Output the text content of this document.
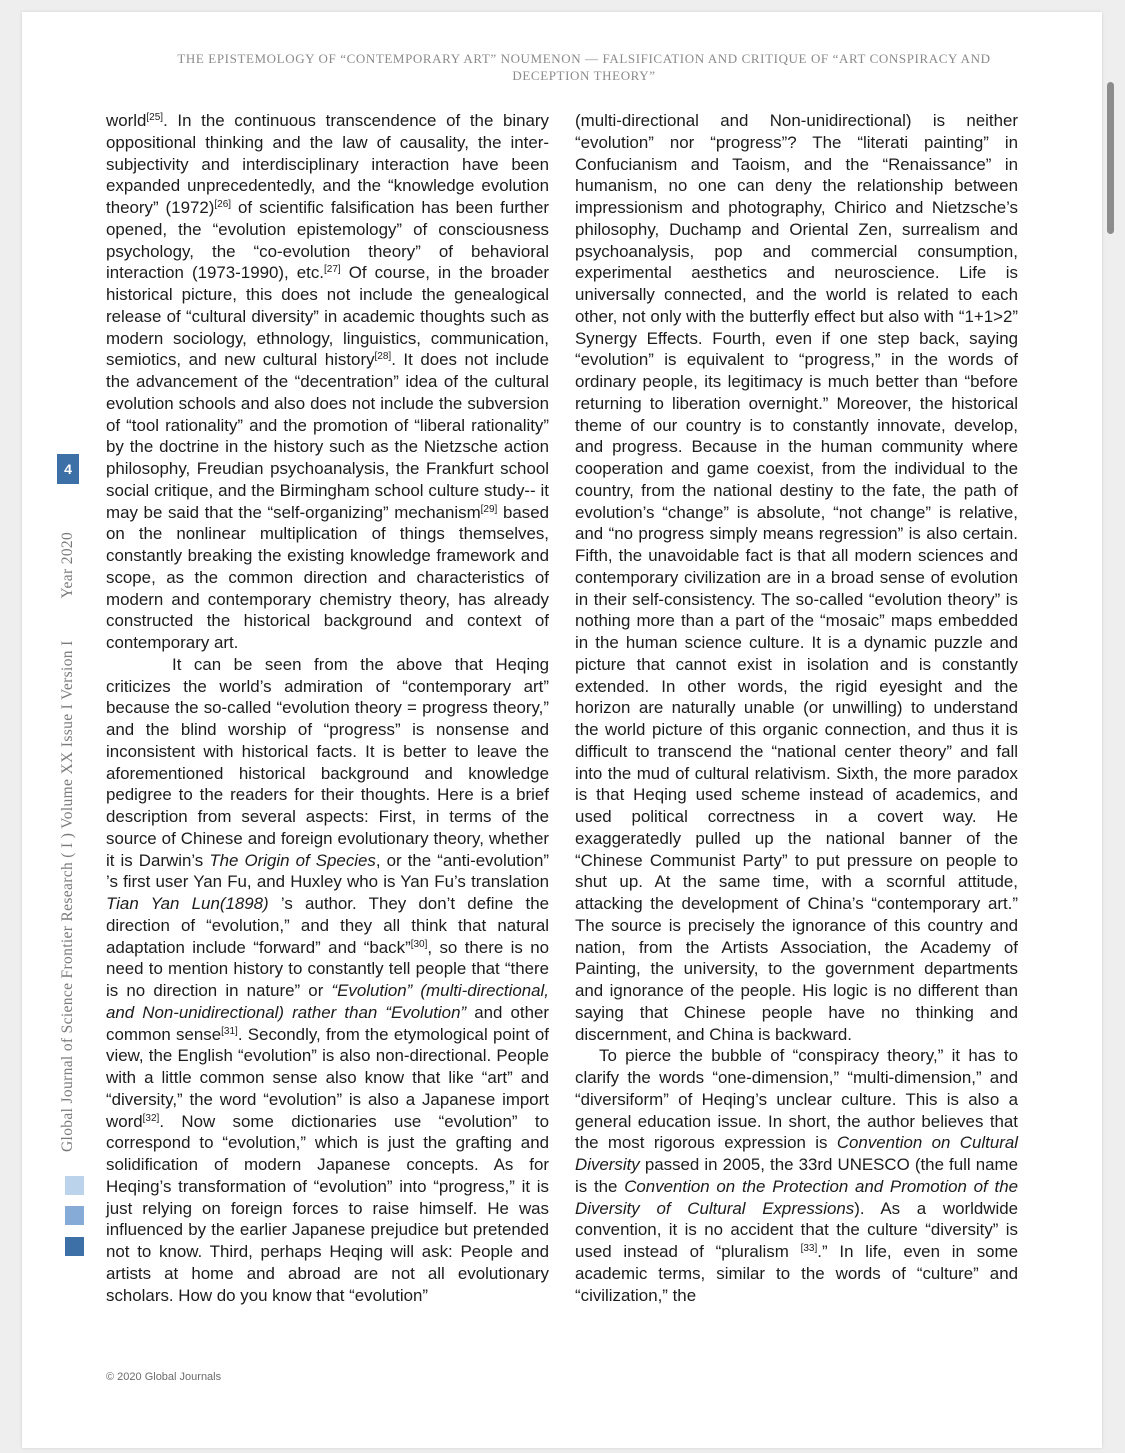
THE EPISTEMOLOGY OF “CONTEMPORARY ART” NOUMENON — FALSIFICATION AND CRITIQUE OF “ART CONSPIRACY AND
DECEPTION THEORY”

world[25]. In the continuous transcendence of the binary oppositional thinking and the law of causality, the inter-subjectivity and interdisciplinary interaction have been expanded unprecedentedly, and the “knowledge evolution theory” (1972)[26] of scientific falsification has been further opened, the “evolution epistemology” of consciousness psychology, the “co-evolution theory” of behavioral interaction (1973-1990), etc.[27] Of course, in the broader historical picture, this does not include the genealogical release of “cultural diversity” in academic thoughts such as modern sociology, ethnology, linguistics, communication, semiotics, and new cultural history[28]. It does not include the advancement of the “decentration” idea of the cultural evolution schools and also does not include the subversion of “tool rationality” and the promotion of “liberal rationality” by the doctrine in the history such as the Nietzsche action philosophy, Freudian psychoanalysis, the Frankfurt school social critique, and the Birmingham school culture study-- it may be said that the “self-organizing” mechanism[29] based on the nonlinear multiplication of things themselves, constantly breaking the existing knowledge framework and scope, as the common direction and characteristics of modern and contemporary chemistry theory, has already constructed the historical background and context of contemporary art.

It can be seen from the above that Heqing criticizes the world’s admiration of “contemporary art” because the so-called “evolution theory = progress theory,” and the blind worship of “progress” is nonsense and inconsistent with historical facts. It is better to leave the aforementioned historical background and knowledge pedigree to the readers for their thoughts. Here is a brief description from several aspects: First, in terms of the source of Chinese and foreign evolutionary theory, whether it is Darwin’s The Origin of Species, or the “anti-evolution” ’s first user Yan Fu, and Huxley who is Yan Fu’s translation Tian Yan Lun(1898) ’s author. They don’t define the direction of “evolution,” and they all think that natural adaptation include “forward” and “back”[30], so there is no need to mention history to constantly tell people that “there is no direction in nature” or “Evolution” (multi-directional, and Non-unidirectional) rather than “Evolution” and other common sense[31]. Secondly, from the etymological point of view, the English “evolution” is also non-directional. People with a little common sense also know that like “art” and “diversity,” the word “evolution” is also a Japanese import word[32]. Now some dictionaries use “evolution” to correspond to “evolution,” which is just the grafting and solidification of modern Japanese concepts. As for Heqing’s transformation of “evolution” into “progress,” it is just relying on foreign forces to raise himself. He was influenced by the earlier Japanese prejudice but pretended not to know. Third, perhaps Heqing will ask: People and artists at home and abroad are not all evolutionary scholars. How do you know that “evolution”

(multi-directional and Non-unidirectional) is neither “evolution” nor “progress”? The “literati painting” in Confucianism and Taoism, and the “Renaissance” in humanism, no one can deny the relationship between impressionism and photography, Chirico and Nietzsche’s philosophy, Duchamp and Oriental Zen, surrealism and psychoanalysis, pop and commercial consumption, experimental aesthetics and neuroscience. Life is universally connected, and the world is related to each other, not only with the butterfly effect but also with “1+1>2” Synergy Effects. Fourth, even if one step back, saying “evolution” is equivalent to “progress,” in the words of ordinary people, its legitimacy is much better than “before returning to liberation overnight.” Moreover, the historical theme of our country is to constantly innovate, develop, and progress. Because in the human community where cooperation and game coexist, from the individual to the country, from the national destiny to the fate, the path of evolution’s “change” is absolute, “not change” is relative, and “no progress simply means regression” is also certain. Fifth, the unavoidable fact is that all modern sciences and contemporary civilization are in a broad sense of evolution in their self-consistency. The so-called “evolution theory” is nothing more than a part of the “mosaic” maps embedded in the human science culture. It is a dynamic puzzle and picture that cannot exist in isolation and is constantly extended. In other words, the rigid eyesight and the horizon are naturally unable (or unwilling) to understand the world picture of this organic connection, and thus it is difficult to transcend the “national center theory” and fall into the mud of cultural relativism. Sixth, the more paradox is that Heqing used scheme instead of academics, and used political correctness in a covert way. He exaggeratedly pulled up the national banner of the “Chinese Communist Party” to put pressure on people to shut up. At the same time, with a scornful attitude, attacking the development of China’s “contemporary art.” The source is precisely the ignorance of this country and nation, from the Artists Association, the Academy of Painting, the university, to the government departments and ignorance of the people. His logic is no different than saying that Chinese people have no thinking and discernment, and China is backward.

To pierce the bubble of “conspiracy theory,” it has to clarify the words “one-dimension,” “multi-dimension,” and “diversiform” of Heqing’s unclear culture. This is also a general education issue. In short, the author believes that the most rigorous expression is Convention on Cultural Diversity passed in 2005, the 33rd UNESCO (the full name is the Convention on the Protection and Promotion of the Diversity of Cultural Expressions). As a worldwide convention, it is no accident that the culture “diversity” is used instead of “pluralism [33].” In life, even in some academic terms, similar to the words of “culture” and “civilization,” the

Global Journal of Science Frontier Research ( I ) Volume XX Issue I Version I  Year 2020
4
© 2020 Global Journals
